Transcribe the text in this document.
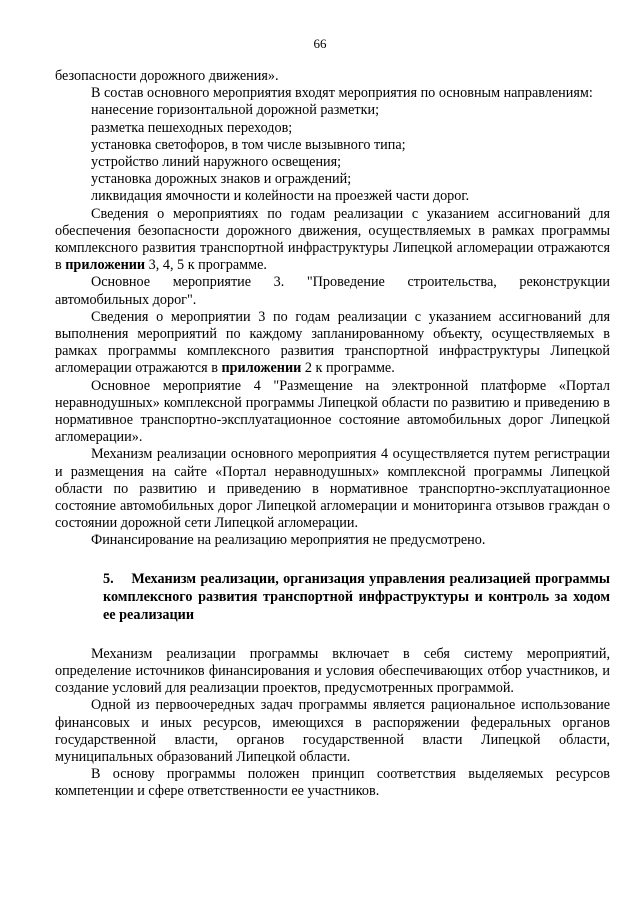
66

безопасности дорожного движения».

В состав основного мероприятия входят мероприятия по основным направлениям:

нанесение горизонтальной дорожной разметки;

разметка пешеходных переходов;

установка светофоров, в том числе вызывного типа;

устройство линий наружного освещения;

установка дорожных знаков и ограждений;

ликвидация ямочности и колейности на проезжей части дорог.

Сведения о мероприятиях по годам реализации с указанием ассигнований для обеспечения безопасности дорожного движения, осуществляемых в рамках программы комплексного развития транспортной инфраструктуры Липецкой агломерации отражаются в приложении 3, 4, 5 к программе.

Основное мероприятие 3. "Проведение строительства, реконструкции автомобильных дорог".

Сведения о мероприятии 3 по годам реализации с указанием ассигнований для выполнения мероприятий по каждому запланированному объекту, осуществляемых в рамках программы комплексного развития транспортной инфраструктуры Липецкой агломерации отражаются в приложении 2 к программе.

Основное мероприятие 4 "Размещение на электронной платформе «Портал неравнодушных» комплексной программы Липецкой области по развитию и приведению в нормативное транспортно-эксплуатационное состояние автомобильных дорог Липецкой агломерации».

Механизм реализации основного мероприятия 4 осуществляется путем регистрации и размещения на сайте «Портал неравнодушных» комплексной программы Липецкой области по развитию и приведению в нормативное транспортно-эксплуатационное состояние автомобильных дорог Липецкой агломерации и мониторинга отзывов граждан о состоянии дорожной сети Липецкой агломерации.

Финансирование на реализацию мероприятия не предусмотрено.

5. Механизм реализации, организация управления реализацией программы комплексного развития транспортной инфраструктуры и контроль за ходом ее реализации

Механизм реализации программы включает в себя систему мероприятий, определение источников финансирования и условия обеспечивающих отбор участников, и создание условий для реализации проектов, предусмотренных программой.

Одной из первоочередных задач программы является рациональное использование финансовых и иных ресурсов, имеющихся в распоряжении федеральных органов государственной власти, органов государственной власти Липецкой области, муниципальных образований Липецкой области.

В основу программы положен принцип соответствия выделяемых ресурсов компетенции и сфере ответственности ее участников.
